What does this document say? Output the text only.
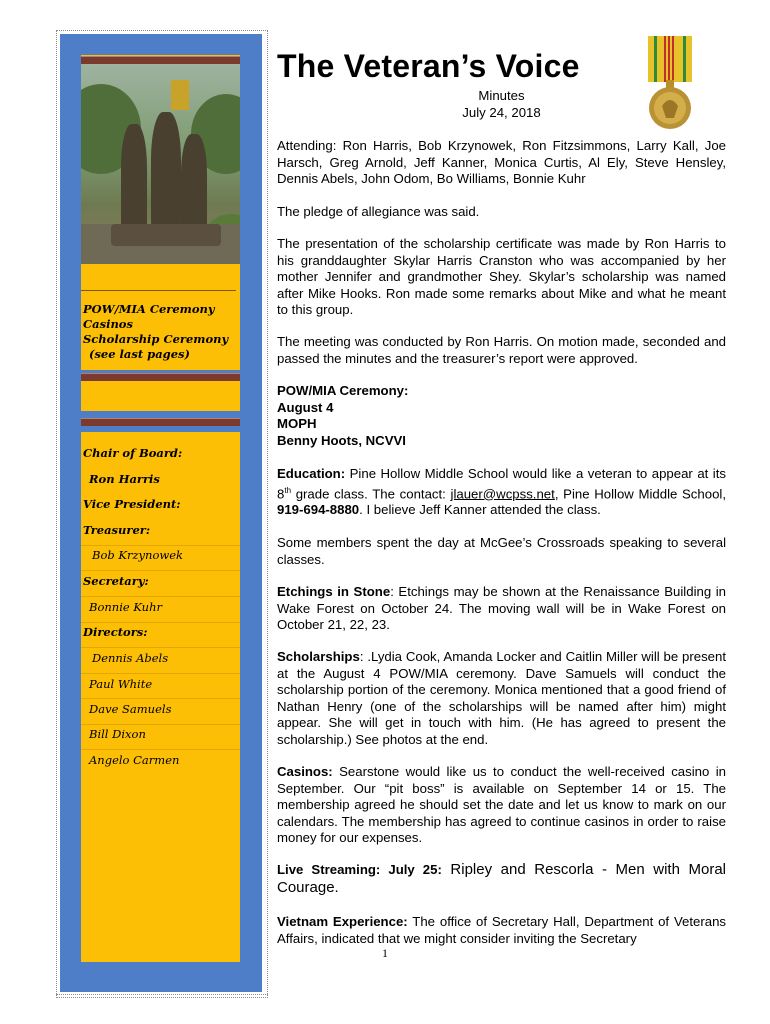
POW/MIA Ceremony
Casinos
Scholarship Ceremony
(see last pages)
Chair of Board:
Ron Harris
Vice President:
Treasurer:
Bob Krzynowek
Secretary:
Bonnie Kuhr
Directors:
Dennis Abels
Paul White
Dave Samuels
Bill Dixon
Angelo Carmen
The Veteran’s Voice
Minutes
July 24, 2018
Attending: Ron Harris, Bob Krzynowek, Ron Fitzsimmons, Larry Kall, Joe Harsch, Greg Arnold, Jeff Kanner, Monica Curtis, Al Ely, Steve Hensley, Dennis Abels, John Odom, Bo Williams, Bonnie Kuhr
The pledge of allegiance was said.
The presentation of the scholarship certificate was made by Ron Harris to his granddaughter Skylar Harris Cranston who was accompanied by her mother Jennifer and grandmother Shey. Skylar’s scholarship was named after Mike Hooks. Ron made some remarks about Mike and what he meant to this group.
The meeting was conducted by Ron Harris. On motion made, seconded and passed the minutes and the treasurer’s report were approved.
POW/MIA Ceremony:
August 4
MOPH
Benny Hoots, NCVVI
Education: Pine Hollow Middle School would like a veteran to appear at its 8th grade class. The contact: jlauer@wcpss.net, Pine Hollow Middle School, 919-694-8880. I believe Jeff Kanner attended the class.
Some members spent the day at McGee’s Crossroads speaking to several classes.
Etchings in Stone: Etchings may be shown at the Renaissance Building in Wake Forest on October 24. The moving wall will be in Wake Forest on October 21, 22, 23.
Scholarships: .Lydia Cook, Amanda Locker and Caitlin Miller will be present at the August 4 POW/MIA ceremony. Dave Samuels will conduct the scholarship portion of the ceremony. Monica mentioned that a good friend of Nathan Henry (one of the scholarships will be named after him) might appear. She will get in touch with him. (He has agreed to present the scholarship.) See photos at the end.
Casinos: Searstone would like us to conduct the well-received casino in September. Our “pit boss” is available on September 14 or 15. The membership agreed he should set the date and let us know to mark on our calendars. The membership has agreed to continue casinos in order to raise money for our expenses.
Live Streaming: July 25: Ripley and Rescorla - Men with Moral Courage.
Vietnam Experience: The office of Secretary Hall, Department of Veterans Affairs, indicated that we might consider inviting the Secretary
1
